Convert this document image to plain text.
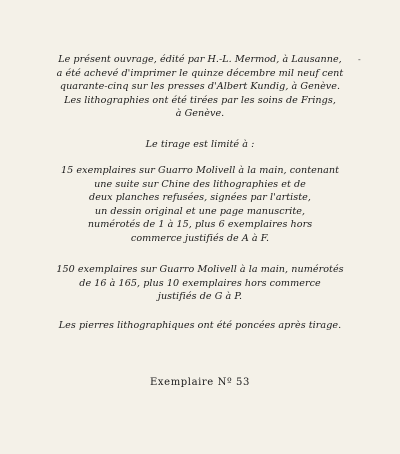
Le présent ouvrage, édité par H.-L. Mermod, à Lausanne,
a été achevé d'imprimer le quinze décembre mil neuf cent
quarante-cinq sur les presses d'Albert Kundig, à Genève.
Les lithographies ont été tirées par les soins de Frings,
à Genève.
-
Le tirage est limité à :
15 exemplaires sur Guarro Molivell à la main, contenant
une suite sur Chine des lithographies et de
deux planches refusées, signées par l'artiste,
un dessin original et une page manuscrite,
numérotés de 1 à 15, plus 6 exemplaires hors
commerce justifiés de A à F.
150 exemplaires sur Guarro Molivell à la main, numérotés
de 16 à 165, plus 10 exemplaires hors commerce
justifiés de G à P.
Les pierres lithographiques ont été poncées après tirage.
Exemplaire Nº 53
